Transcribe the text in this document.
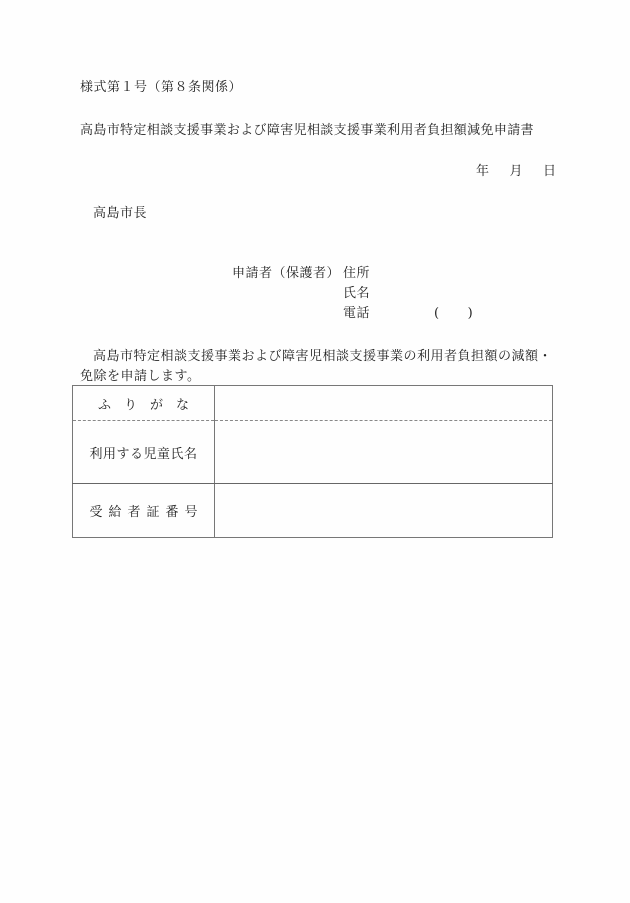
様式第１号（第８条関係）
高島市特定相談支援事業および障害児相談支援事業利用者負担額減免申請書
年 月 日
高島市長
申請者（保護者） 住所
氏名
電話	( )
高島市特定相談支援事業および障害児相談支援事業の利用者負担額の減額・免除を申請します。
ふりがな	
利用する児童氏名	
受給者証番号	
